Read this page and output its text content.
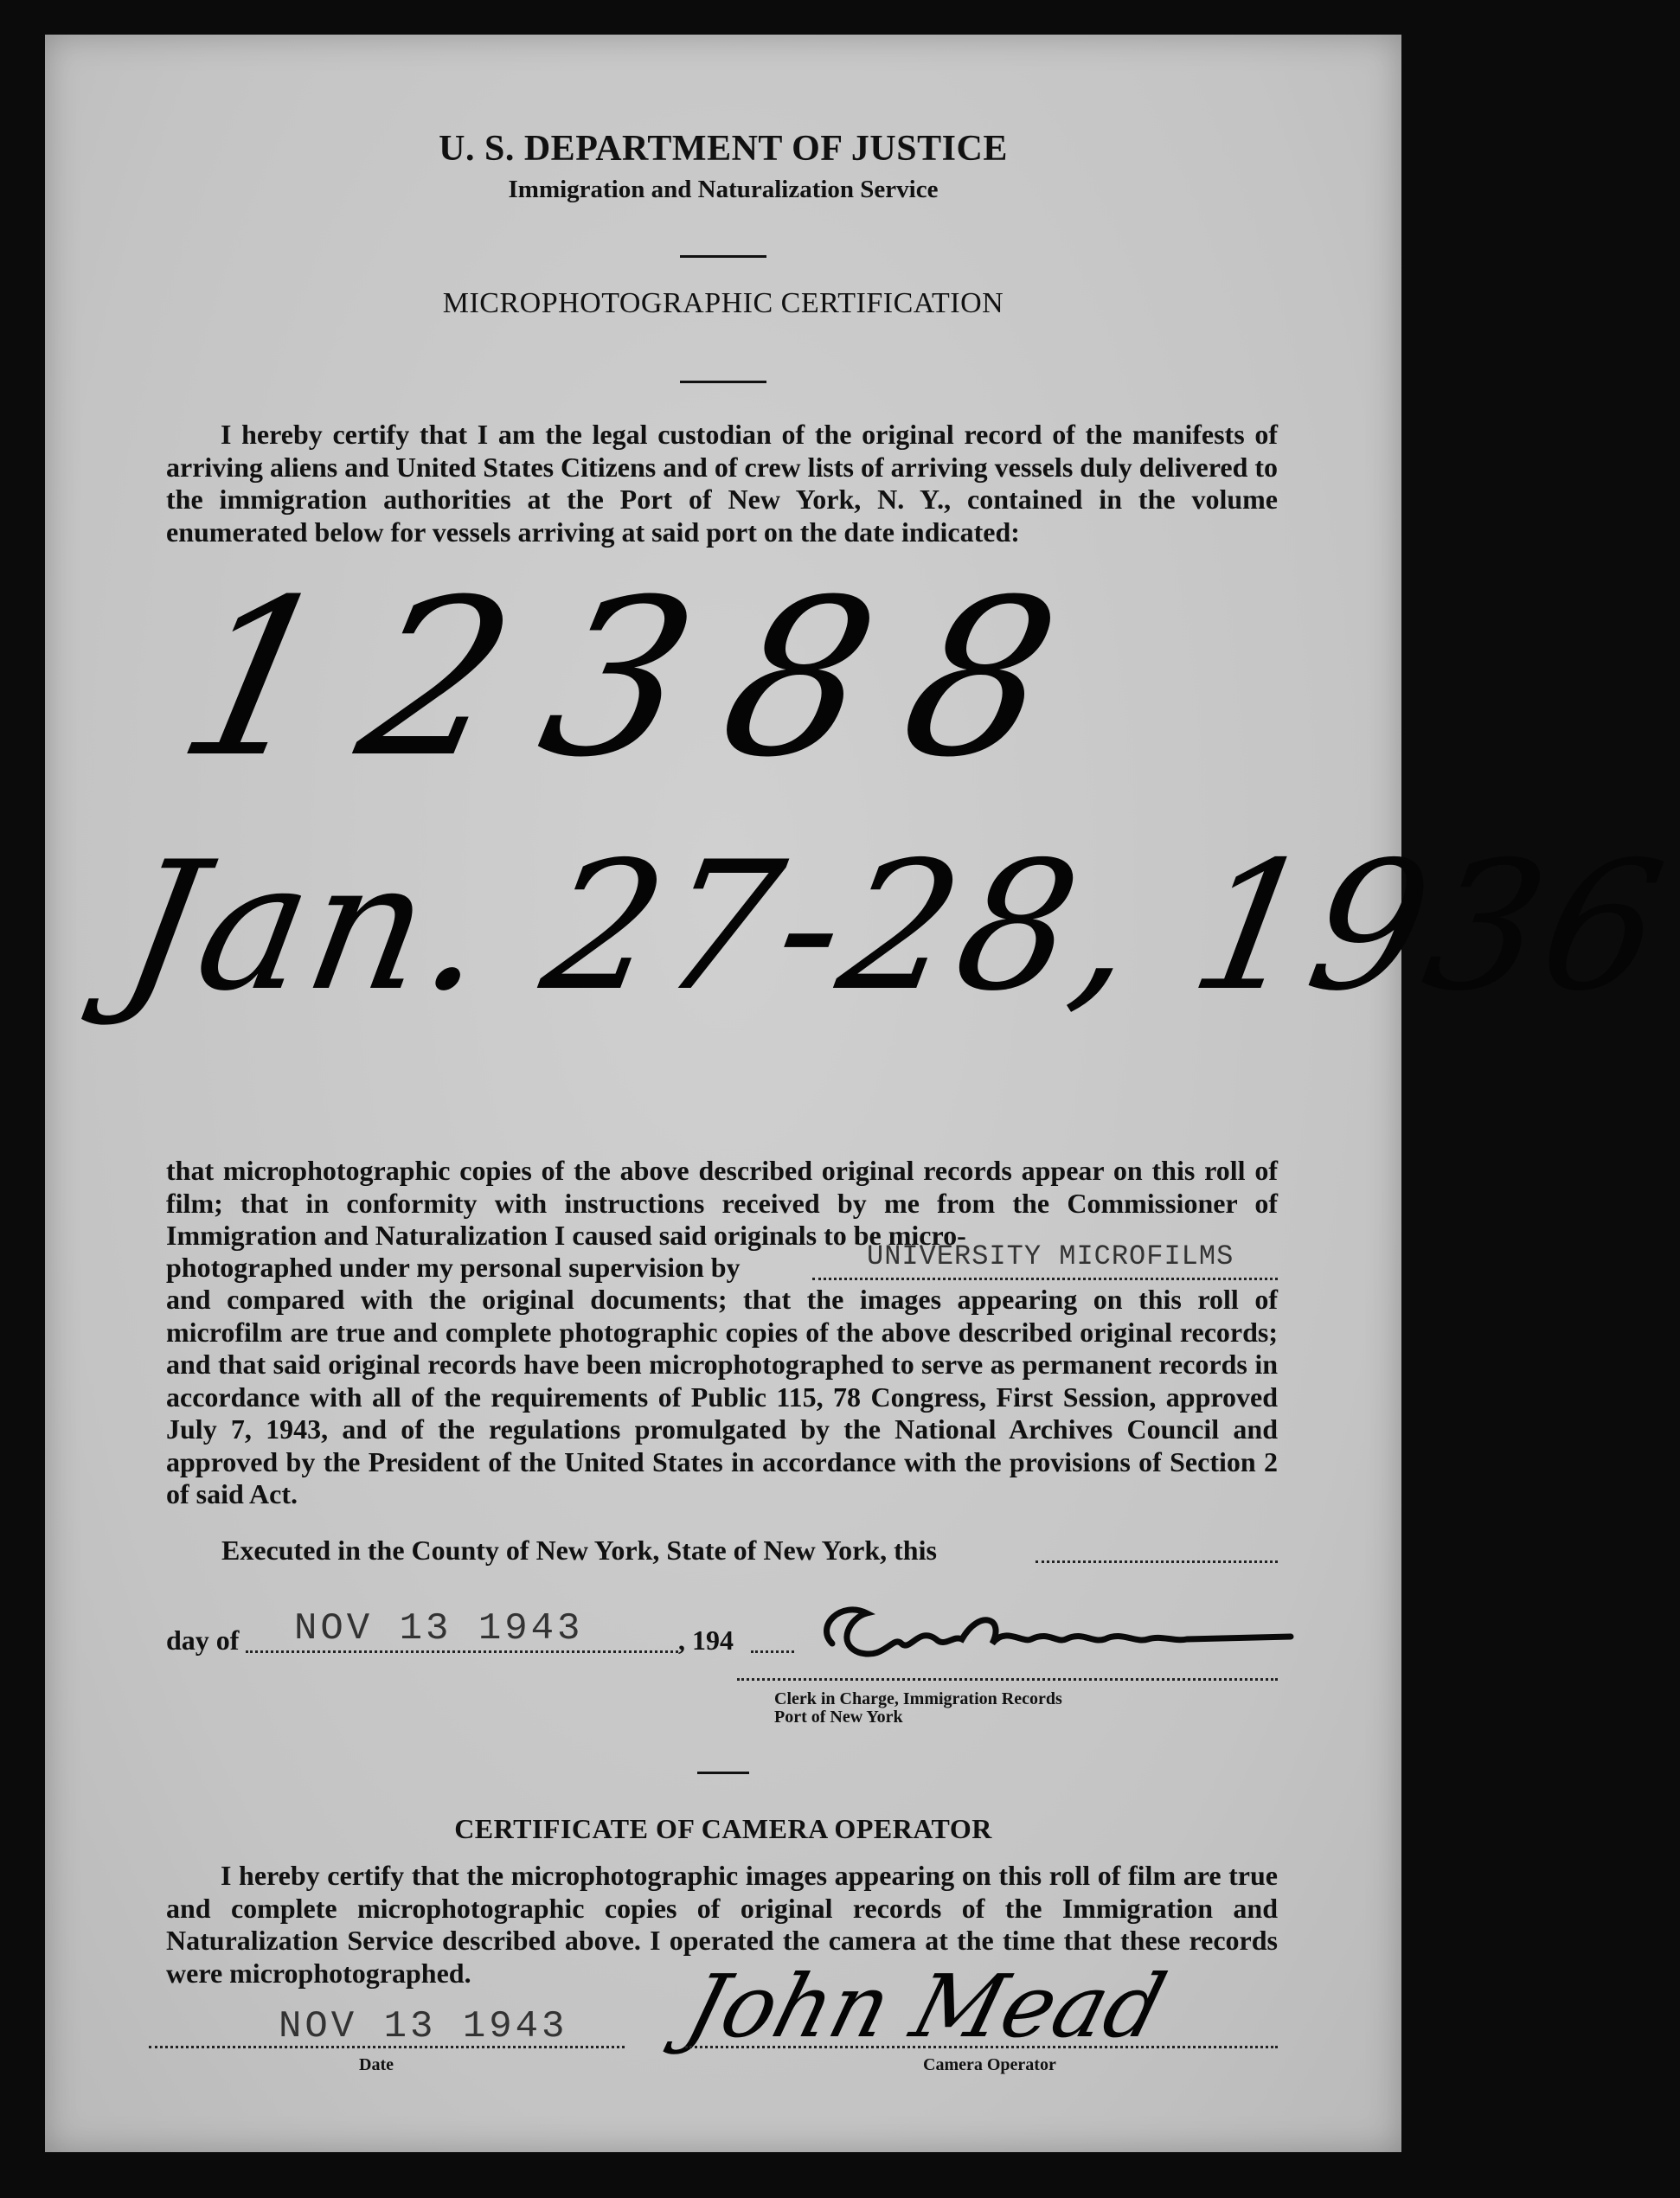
U. S. DEPARTMENT OF JUSTICE
Immigration and Naturalization Service
MICROPHOTOGRAPHIC CERTIFICATION
I hereby certify that I am the legal custodian of the original record of the manifests of arriving aliens and United States Citizens and of crew lists of arriving vessels duly delivered to the immigration authorities at the Port of New York, N. Y., contained in the volume enumerated below for vessels arriving at said port on the date indicated:
12388
Jan. 27-28, 1936
that microphotographic copies of the above described original records appear on this roll of film; that in conformity with instructions received by me from the Commissioner of Immigration and Naturalization I caused said originals to be micro-
photographed under my personal supervision by	UNIVERSITY MICROFILMS
and compared with the original documents; that the images appearing on this roll of microfilm are true and complete photographic copies of the above described original records; and that said original records have been microphotographed to serve as permanent records in accordance with all of the requirements of Public 115, 78 Congress, First Session, approved July 7, 1943, and of the regulations promulgated by the National Archives Council and approved by the President of the United States in accordance with the provisions of Section 2 of said Act.
Executed in the County of New York, State of New York, this
day of NOV 13 1943	, 194
Clerk in Charge, Immigration Records
Port of New York
CERTIFICATE OF CAMERA OPERATOR
I hereby certify that the microphotographic images appearing on this roll of film are true and complete microphotographic copies of original records of the Immigration and Naturalization Service described above. I operated the camera at the time that these records were microphotographed.
NOV 13 1943
Date
John Mead
Camera Operator
